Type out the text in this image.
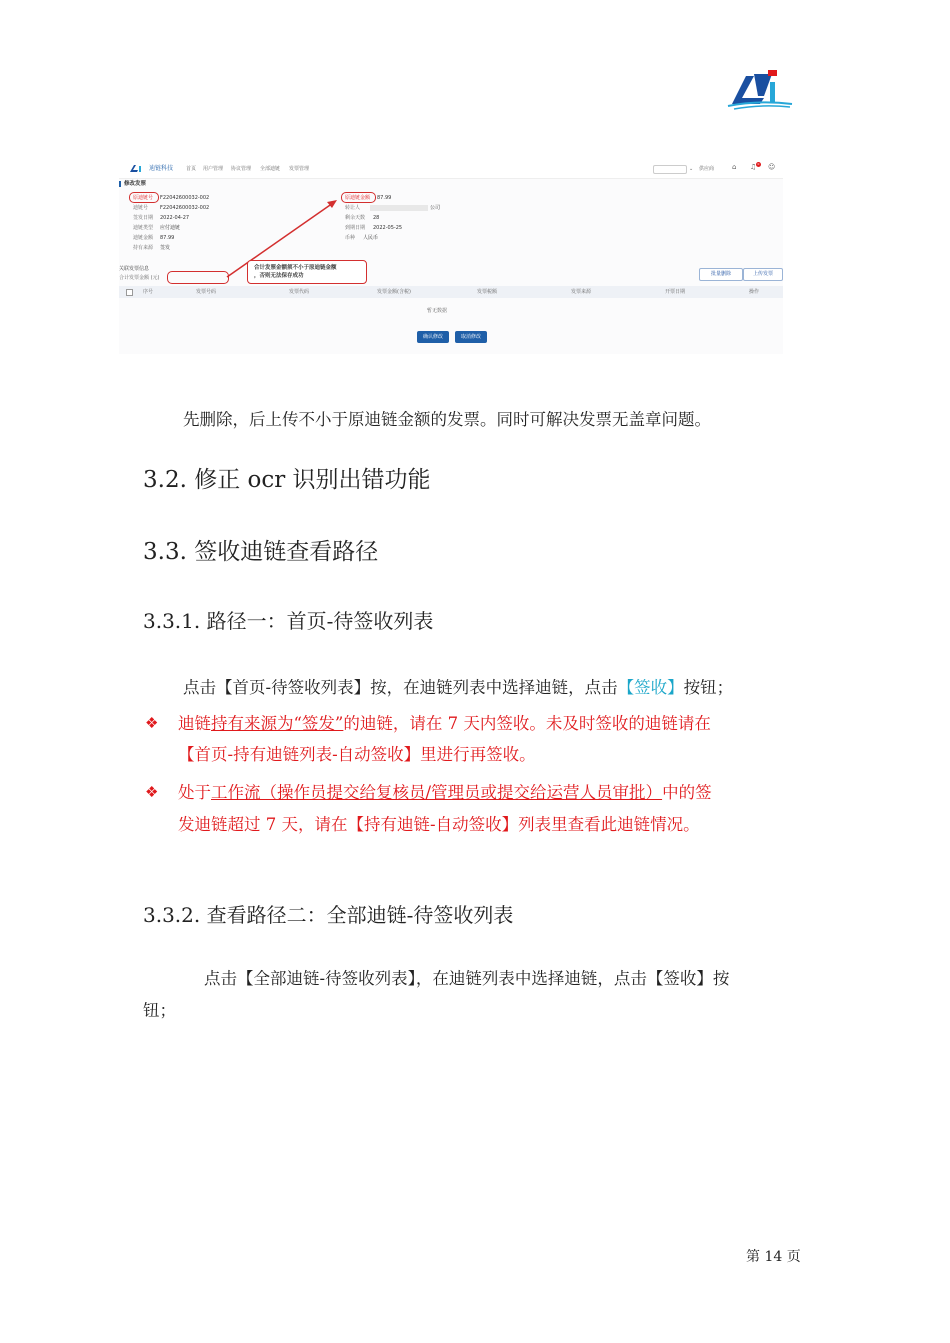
迪链科技	首页 用户管理 协议管理 全部迪链 发票管理	⌄ 供应商	⌂ ♫ 0 ☺
修改发票
原迪链号 F22042600032-002
迪链号 F22042600032-002
签发日期 2022-04-27
迪链类型 应付迪链
迪链金额 87.99
持有来源 签发
原迪链金额 87.99
转让人	公司
剩余天数 28
到期日期 2022-05-25
币种 人民币
合计发票金额须不小于原迪链金额
，否则无法保存成功
关联发票信息
合计发票金额 (元)
批量删除	上传发票
序号	发票号码	发票代码	发票金额(含税)	发票税额	发票来源	开票日期	操作
暂无数据
确认修改	取消修改
先删除，后上传不小于原迪链金额的发票。同时可解决发票无盖章问题。
3.2. 修正 ocr 识别出错功能
3.3. 签收迪链查看路径
3.3.1. 路径一：首页-待签收列表
点击【首页-待签收列表】按，在迪链列表中选择迪链，点击【签收】按钮；
❖ 迪链持有来源为“签发”的迪链，请在 7 天内签收。未及时签收的迪链请在
【首页-持有迪链列表-自动签收】里进行再签收。
❖ 处于工作流（操作员提交给复核员/管理员或提交给运营人员审批）中的签
发迪链超过 7 天，请在【持有迪链-自动签收】列表里查看此迪链情况。
3.3.2. 查看路径二：全部迪链-待签收列表
点击【全部迪链-待签收列表】，在迪链列表中选择迪链，点击【签收】按
钮；
第 14 页
